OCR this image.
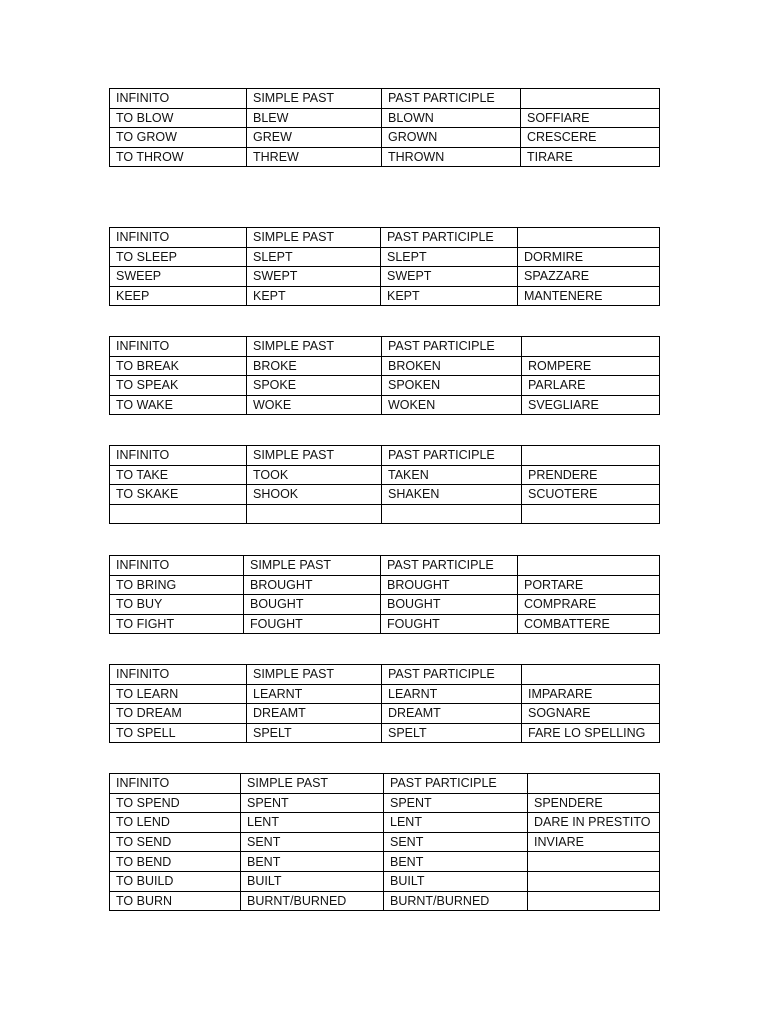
INFINITO	SIMPLE PAST	PAST PARTICIPLE	
TO BLOW	BLEW	BLOWN	SOFFIARE
TO GROW	GREW	GROWN	CRESCERE
TO THROW	THREW	THROWN	TIRARE
INFINITO	SIMPLE PAST	PAST PARTICIPLE	
TO SLEEP	SLEPT	SLEPT	DORMIRE
SWEEP	SWEPT	SWEPT	SPAZZARE
KEEP	KEPT	KEPT	MANTENERE
INFINITO	SIMPLE PAST	PAST PARTICIPLE	
TO BREAK	BROKE	BROKEN	ROMPERE
TO SPEAK	SPOKE	SPOKEN	PARLARE
TO WAKE	WOKE	WOKEN	SVEGLIARE
INFINITO	SIMPLE PAST	PAST PARTICIPLE	
TO TAKE	TOOK	TAKEN	PRENDERE
TO SKAKE	SHOOK	SHAKEN	SCUOTERE

INFINITO	SIMPLE PAST	PAST PARTICIPLE	
TO BRING	BROUGHT	BROUGHT	PORTARE
TO BUY	BOUGHT	BOUGHT	COMPRARE
TO FIGHT	FOUGHT	FOUGHT	COMBATTERE
INFINITO	SIMPLE PAST	PAST PARTICIPLE	
TO LEARN	LEARNT	LEARNT	IMPARARE
TO DREAM	DREAMT	DREAMT	SOGNARE
TO SPELL	SPELT	SPELT	FARE LO SPELLING
INFINITO	SIMPLE PAST	PAST PARTICIPLE	
TO SPEND	SPENT	SPENT	SPENDERE
TO LEND	LENT	LENT	DARE IN PRESTITO
TO SEND	SENT	SENT	INVIARE
TO BEND	BENT	BENT	
TO BUILD	BUILT	BUILT	
TO BURN	BURNT/BURNED	BURNT/BURNED	
